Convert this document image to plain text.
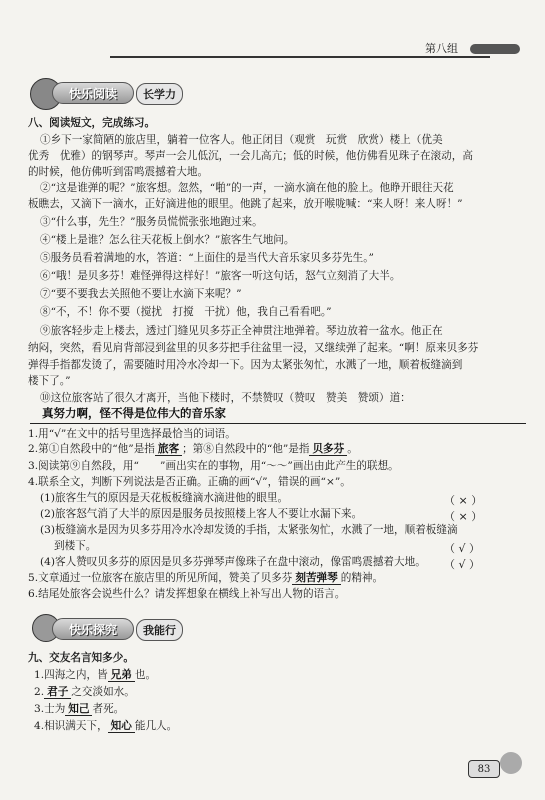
第八组
快乐阅读	长学力
八、阅读短文，完成练习。
①乡下一家简陋的旅店里，躺着一位客人。他正闭目（观赏　玩赏　欣赏）楼上（优美
优秀　优雅）的钢琴声。琴声一会儿低沉，一会儿高亢；低的时候，他仿佛看见珠子在滚动，高
的时候，他仿佛听到雷鸣震撼着大地。
②“这是谁弹的呢？”旅客想。忽然，“啪”的一声，一滴水滴在他的脸上。他睁开眼往天花
板瞧去，又滴下一滴水，正好滴进他的眼里。他跳了起来，放开喉咙喊：“来人呀！来人呀！”
③“什么事，先生？”服务员慌慌张张地跑过来。
④“楼上是谁？怎么往天花板上倒水？”旅客生气地问。
⑤服务员看着满地的水，答道：“上面住的是当代大音乐家贝多芬先生。”
⑥“哦！是贝多芬！难怪弹得这样好！”旅客一听这句话，怒气立刻消了大半。
⑦“要不要我去关照他不要让水滴下来呢？”
⑧“不，不！你不要（搅扰　打搅　干扰）他，我自己看看吧。”
⑨旅客轻步走上楼去，透过门缝见贝多芬正全神贯注地弹着。琴边放着一盆水。他正在
纳闷，突然，看见肩背部浸到盆里的贝多芬把手往盆里一浸，又继续弹了起来。“啊！原来贝多芬
弹得手指都发烫了，需要随时用冷水冷却一下。因为太紧张匆忙，水溅了一地，顺着板缝滴到
楼下了。”
⑩这位旅客站了很久才离开，当他下楼时，不禁赞叹（赞叹　赞美　赞颂）道：
真努力啊，怪不得是位伟大的音乐家
1.用“√”在文中的括号里选择最恰当的词语。
2.第①自然段中的“他”是指 旅客 ；第⑧自然段中的“他”是指 贝多芬 。
3.阅读第⑨自然段，用“　　”画出实在的事物，用“～～”画出由此产生的联想。
4.联系全文，判断下列说法是否正确。正确的画“√”，错误的画“×”。
(1)旅客生气的原因是天花板板缝滴水滴进他的眼里。	（ × ）
(2)旅客怒气消了大半的原因是服务员按照楼上客人不要让水漏下来。	（ × ）
(3)板缝滴水是因为贝多芬用冷水冷却发烫的手指，太紧张匆忙，水溅了一地，顺着板缝滴
到楼下。	（ √ ）
(4)客人赞叹贝多芬的原因是贝多芬弹琴声像珠子在盘中滚动，像雷鸣震撼着大地。 （ √ ）
5.文章通过一位旅客在旅店里的所见所闻，赞美了贝多芬 刻苦弹琴 的精神。
6.结尾处旅客会说些什么？请发挥想象在横线上补写出人物的语言。
快乐探究	我能行
九、交友名言知多少。
1.四海之内，皆 兄弟 也。
2. 君子 之交淡如水。
3.士为 知己 者死。
4.相识满天下， 知心 能几人。
83
